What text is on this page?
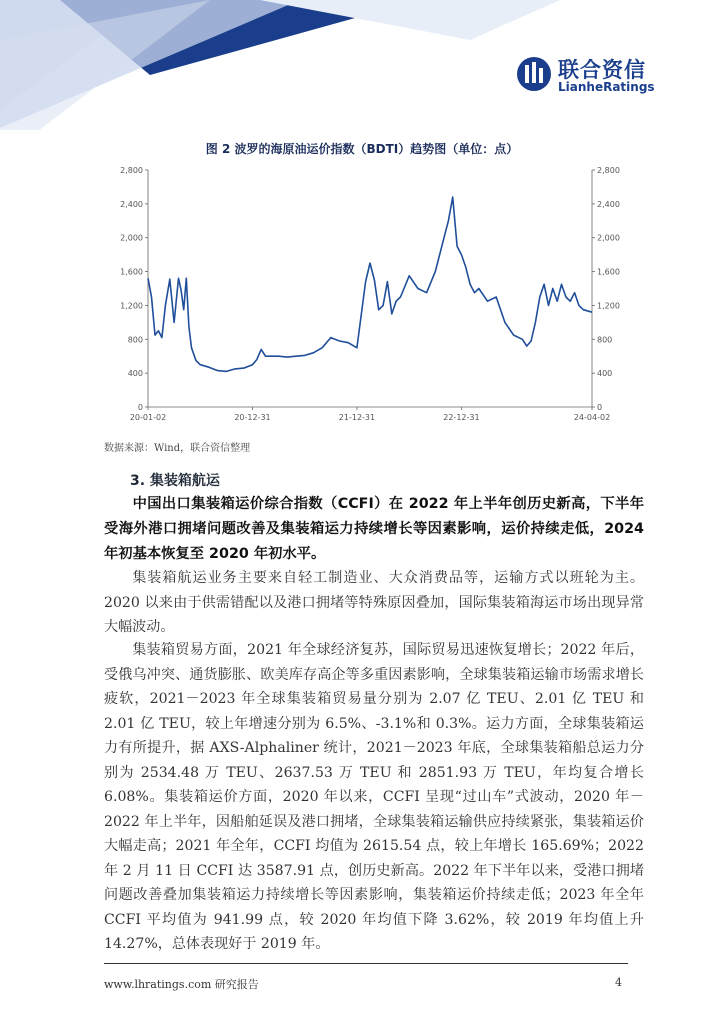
联合资信
LianheRatings
图 2 波罗的海原油运价指数（BDTI）趋势图（单位：点）
2,800	2,800
2,400	2,400
2,000	2,000
1,600	1,600
1,200	1,200
800	800
400	400
0	0
20-01-02	20-12-31	21-12-31	22-12-31	24-04-02
数据来源：Wind，联合资信整理
3. 集装箱航运
中国出口集装箱运价综合指数（CCFI）在 2022 年上半年创历史新高，下半年受海外港口拥堵问题改善及集装箱运力持续增长等因素影响，运价持续走低，2024 年初基本恢复至 2020 年初水平。
集装箱航运业务主要来自轻工制造业、大众消费品等，运输方式以班轮为主。2020 以来由于供需错配以及港口拥堵等特殊原因叠加，国际集装箱海运市场出现异常大幅波动。
集装箱贸易方面，2021 年全球经济复苏，国际贸易迅速恢复增长；2022 年后，受俄乌冲突、通货膨胀、欧美库存高企等多重因素影响，全球集装箱运输市场需求增长疲软，2021－2023 年全球集装箱贸易量分别为 2.07 亿 TEU、2.01 亿 TEU 和 2.01 亿 TEU，较上年增速分别为 6.5%、-3.1%和 0.3%。运力方面，全球集装箱运力有所提升，据 AXS-Alphaliner 统计，2021－2023 年底，全球集装箱船总运力分别为 2534.48 万 TEU、2637.53 万 TEU 和 2851.93 万 TEU，年均复合增长 6.08%。集装箱运价方面，2020 年以来，CCFI 呈现“过山车”式波动，2020 年－2022 年上半年，因船舶延误及港口拥堵，全球集装箱运输供应持续紧张，集装箱运价大幅走高；2021 年全年，CCFI 均值为 2615.54 点，较上年增长 165.69%；2022 年 2 月 11 日 CCFI 达 3587.91 点，创历史新高。2022 年下半年以来，受港口拥堵问题改善叠加集装箱运力持续增长等因素影响，集装箱运价持续走低；2023 年全年 CCFI 平均值为 941.99 点，较 2020 年均值下降 3.62%，较 2019 年均值上升 14.27%，总体表现好于 2019 年。
www.lhratings.com 研究报告	4
